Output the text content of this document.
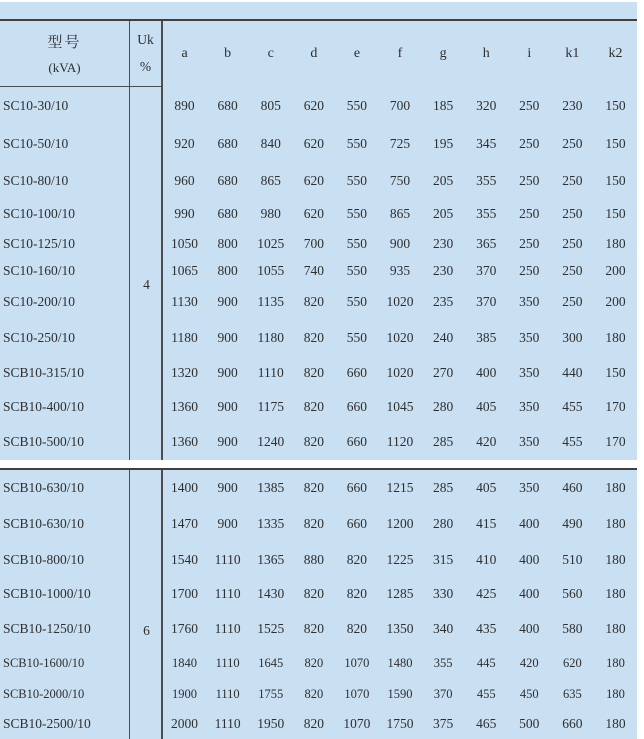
型号
(kVA)
Uk
%
a	b	c	d	e	f	g	h	i	k1	k2
4
SC10-30/10	890	680	805	620	550	700	185	320	250	230	150
SC10-50/10	920	680	840	620	550	725	195	345	250	250	150
SC10-80/10	960	680	865	620	550	750	205	355	250	250	150
SC10-100/10	990	680	980	620	550	865	205	355	250	250	150
SC10-125/10	1050	800	1025	700	550	900	230	365	250	250	180
SC10-160/10	1065	800	1055	740	550	935	230	370	250	250	200
SC10-200/10	1130	900	1135	820	550	1020	235	370	350	250	200
SC10-250/10	1180	900	1180	820	550	1020	240	385	350	300	180
SCB10-315/10	1320	900	1110	820	660	1020	270	400	350	440	150
SCB10-400/10	1360	900	1175	820	660	1045	280	405	350	455	170
SCB10-500/10	1360	900	1240	820	660	1120	285	420	350	455	170
6
SCB10-630/10	1400	900	1385	820	660	1215	285	405	350	460	180
SCB10-630/10	1470	900	1335	820	660	1200	280	415	400	490	180
SCB10-800/10	1540	1110	1365	880	820	1225	315	410	400	510	180
SCB10-1000/10	1700	1110	1430	820	820	1285	330	425	400	560	180
SCB10-1250/10	1760	1110	1525	820	820	1350	340	435	400	580	180
SCB10-1600/10	1840	1110	1645	820	1070	1480	355	445	420	620	180
SCB10-2000/10	1900	1110	1755	820	1070	1590	370	455	450	635	180
SCB10-2500/10	2000	1110	1950	820	1070	1750	375	465	500	660	180
